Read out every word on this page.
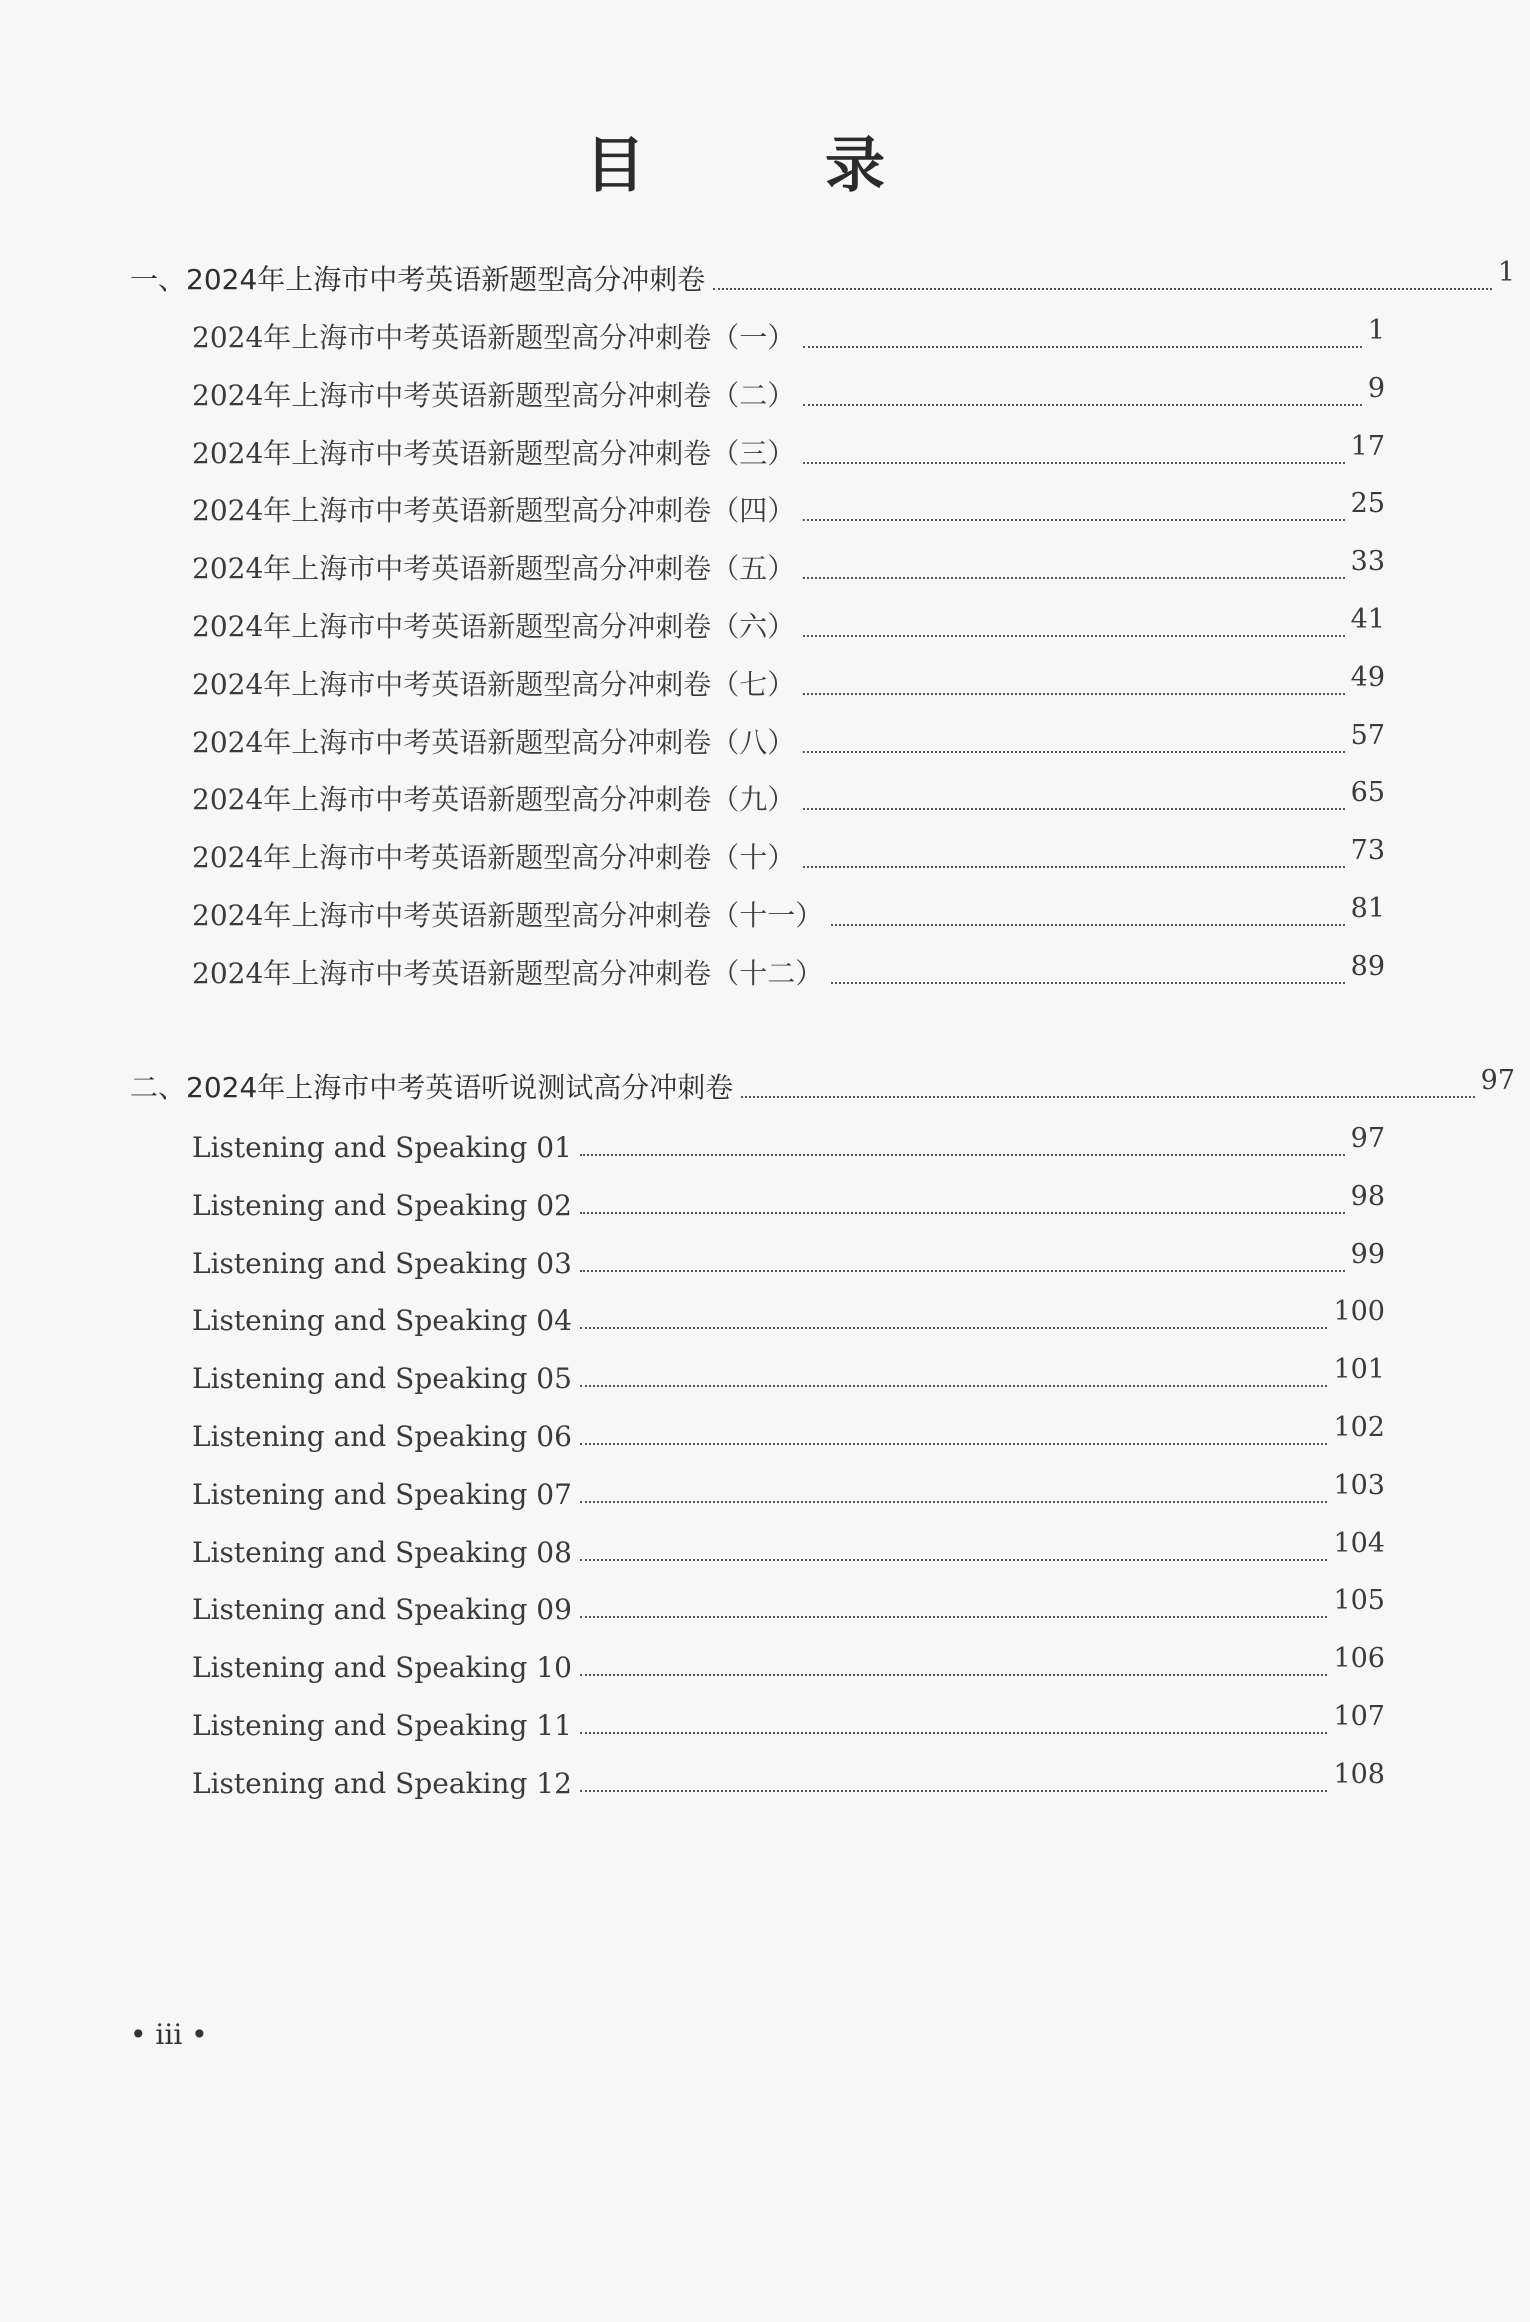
目　录
一、2024年上海市中考英语新题型高分冲刺卷	1
2024年上海市中考英语新题型高分冲刺卷（一）	1
2024年上海市中考英语新题型高分冲刺卷（二）	9
2024年上海市中考英语新题型高分冲刺卷（三）	17
2024年上海市中考英语新题型高分冲刺卷（四）	25
2024年上海市中考英语新题型高分冲刺卷（五）	33
2024年上海市中考英语新题型高分冲刺卷（六）	41
2024年上海市中考英语新题型高分冲刺卷（七）	49
2024年上海市中考英语新题型高分冲刺卷（八）	57
2024年上海市中考英语新题型高分冲刺卷（九）	65
2024年上海市中考英语新题型高分冲刺卷（十）	73
2024年上海市中考英语新题型高分冲刺卷（十一）	81
2024年上海市中考英语新题型高分冲刺卷（十二）	89
二、2024年上海市中考英语听说测试高分冲刺卷	97
Listening and Speaking 01	97
Listening and Speaking 02	98
Listening and Speaking 03	99
Listening and Speaking 04	100
Listening and Speaking 05	101
Listening and Speaking 06	102
Listening and Speaking 07	103
Listening and Speaking 08	104
Listening and Speaking 09	105
Listening and Speaking 10	106
Listening and Speaking 11	107
Listening and Speaking 12	108
• iii •
